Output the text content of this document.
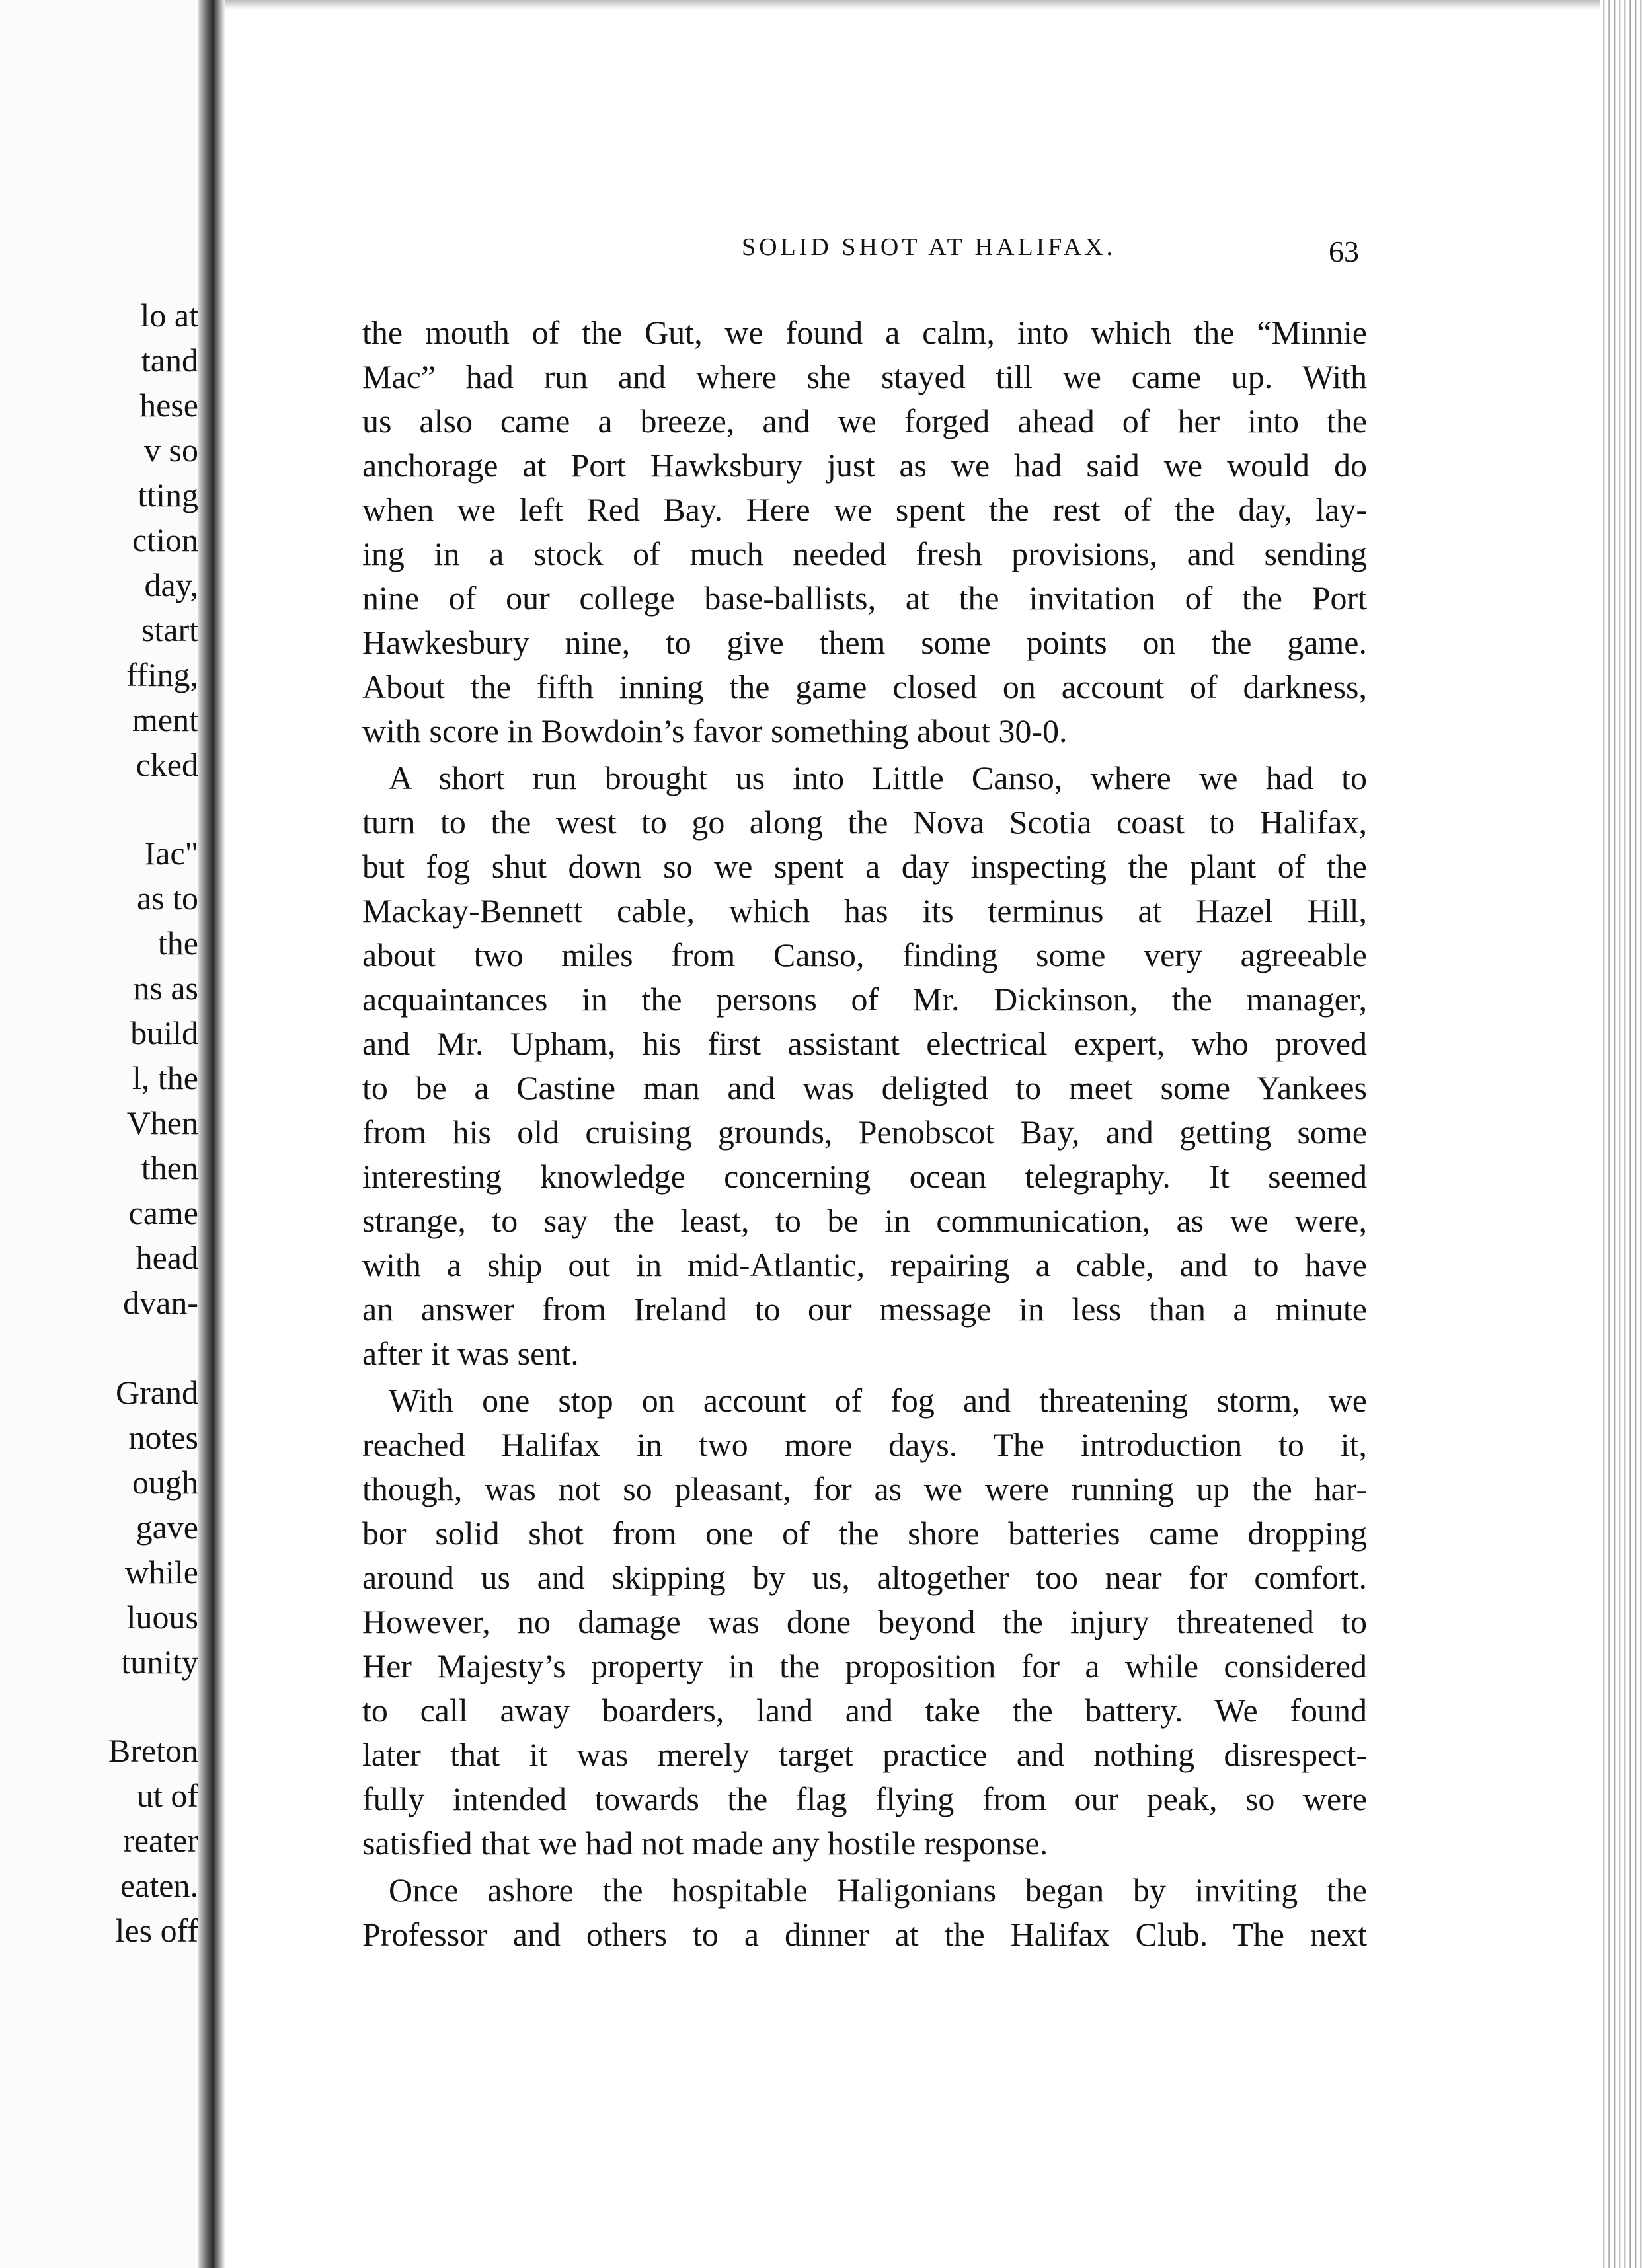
lo at
tand
hese
v so
tting
ction
day,
start
ffing,
ment
cked
Iac"
as to
the
ns as
build
l, the
Vhen
then
came
head
dvan-
Grand
notes
ough
gave
while
luous
tunity
Breton
ut of
reater
eaten.
les off
SOLID SHOT AT HALIFAX.	63
the mouth of the Gut, we found a calm, into which the “Minnie
Mac” had run and where she stayed till we came up. With
us also came a breeze, and we forged ahead of her into the
anchorage at Port Hawksbury just as we had said we would do
when we left Red Bay. Here we spent the rest of the day, lay-
ing in a stock of much needed fresh provisions, and sending
nine of our college base-ballists, at the invitation of the Port
Hawkesbury nine, to give them some points on the game.
About the fifth inning the game closed on account of darkness,
with score in Bowdoin’s favor something about 30-0.
A short run brought us into Little Canso, where we had to
turn to the west to go along the Nova Scotia coast to Halifax,
but fog shut down so we spent a day inspecting the plant of the
Mackay-Bennett cable, which has its terminus at Hazel Hill,
about two miles from Canso, finding some very agreeable
acquaintances in the persons of Mr. Dickinson, the manager,
and Mr. Upham, his first assistant electrical expert, who proved
to be a Castine man and was deligted to meet some Yankees
from his old cruising grounds, Penobscot Bay, and getting some
interesting knowledge concerning ocean telegraphy. It seemed
strange, to say the least, to be in communication, as we were,
with a ship out in mid-Atlantic, repairing a cable, and to have
an answer from Ireland to our message in less than a minute
after it was sent.
With one stop on account of fog and threatening storm, we
reached Halifax in two more days. The introduction to it,
though, was not so pleasant, for as we were running up the har-
bor solid shot from one of the shore batteries came dropping
around us and skipping by us, altogether too near for comfort.
However, no damage was done beyond the injury threatened to
Her Majesty’s property in the proposition for a while considered
to call away boarders, land and take the battery. We found
later that it was merely target practice and nothing disrespect-
fully intended towards the flag flying from our peak, so were
satisfied that we had not made any hostile response.
Once ashore the hospitable Haligonians began by inviting the
Professor and others to a dinner at the Halifax Club. The next
